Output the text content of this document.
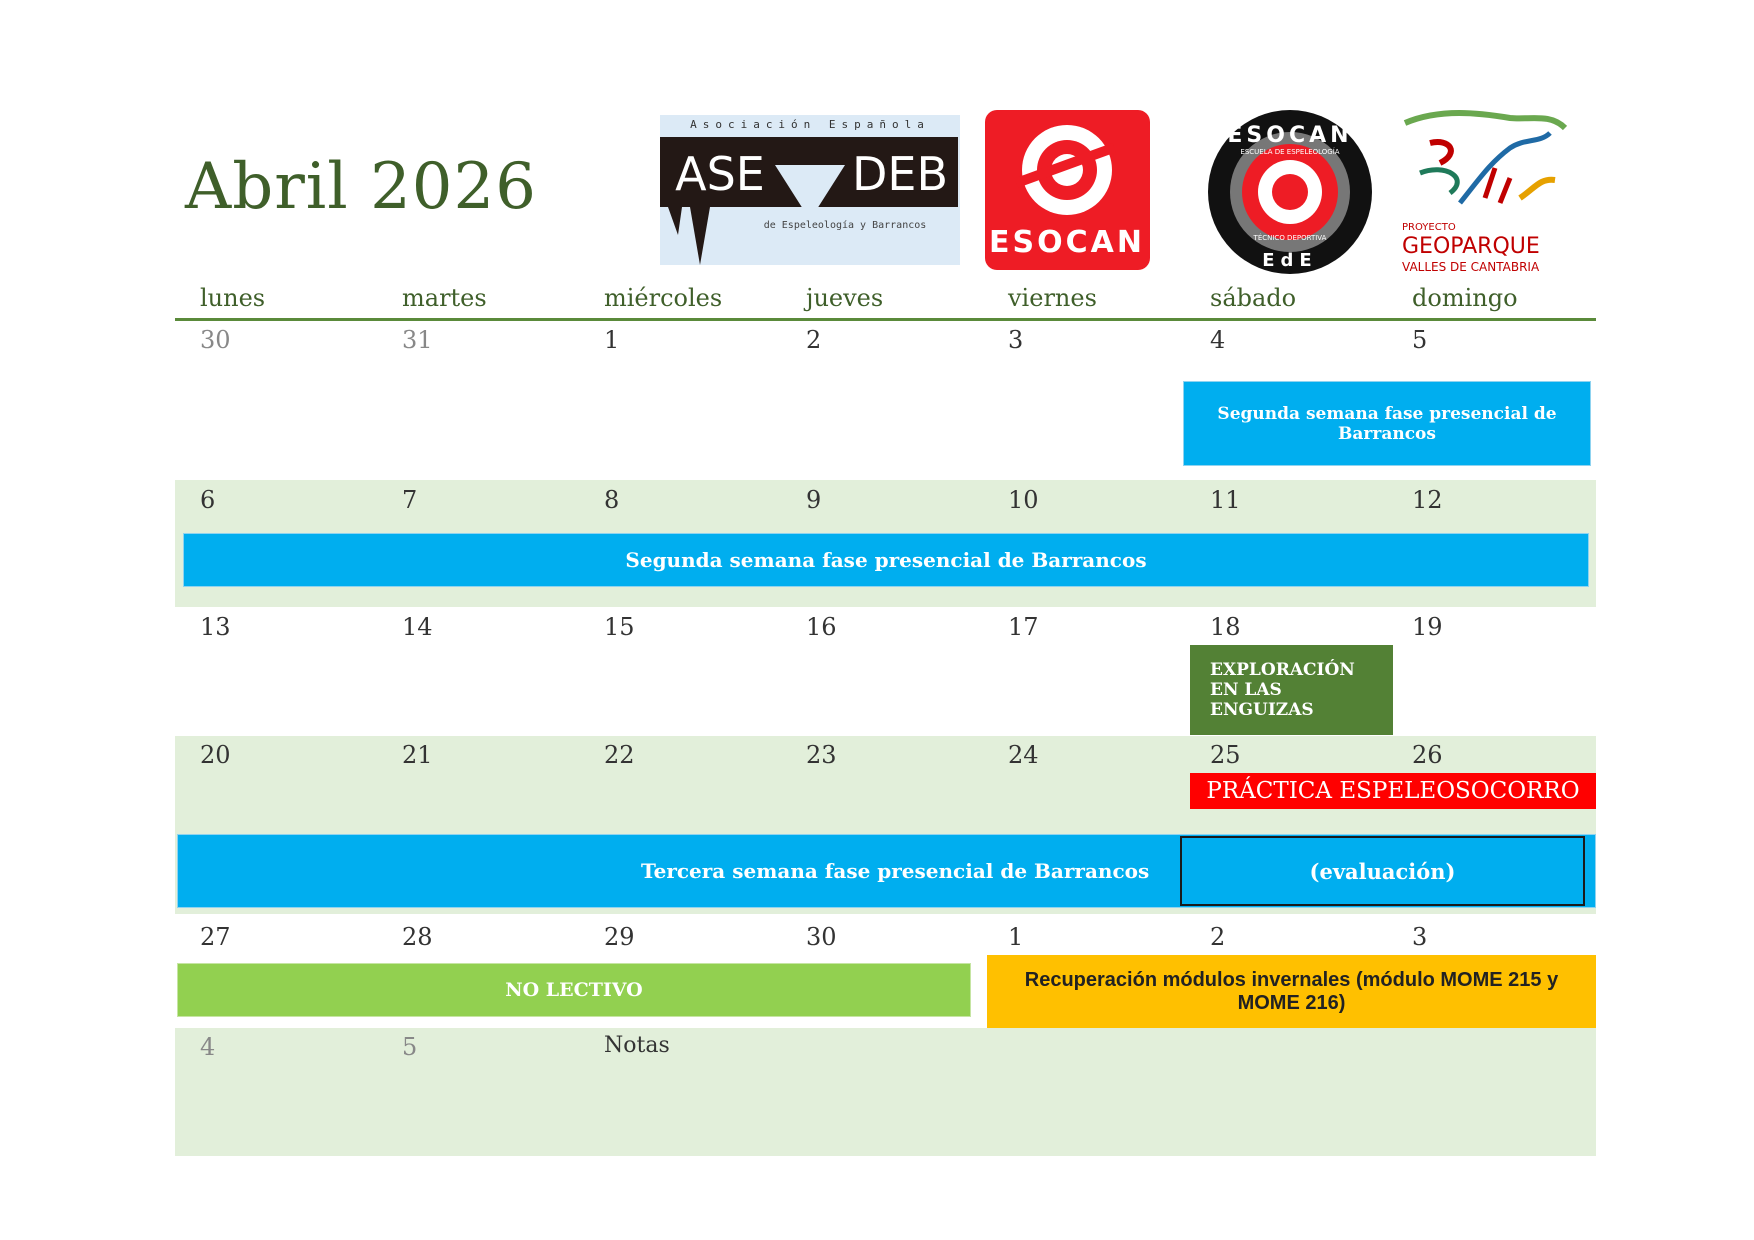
Abril 2026
Asociación Española
ASE DEB
de Espeleología y Barrancos ESOCAN
ESOCAN
ESCUELA DE ESPELEOLOGÍA
TÉCNICO DEPORTIVA
EdE
PROYECTO
GEOPARQUE
VALLES DE CANTABRIA
lunes	martes	miércoles	jueves	viernes	sábado	domingo
30	31	1	2	3	4	5
6	7	8	9	10	11	12
13	14	15	16	17	18	19
20	21	22	23	24	25	26
27	28	29	30	1	2	3
4	5	Notas
Segunda semana fase presencial de Barrancos
Segunda semana fase presencial de Barrancos
EXPLORACIÓN EN LAS ENGUIZAS
PRÁCTICA ESPELEOSOCORRO
Tercera semana fase presencial de Barrancos	(evaluación)
NO LECTIVO	Recuperación módulos invernales (módulo MOME 215 y MOME 216)
